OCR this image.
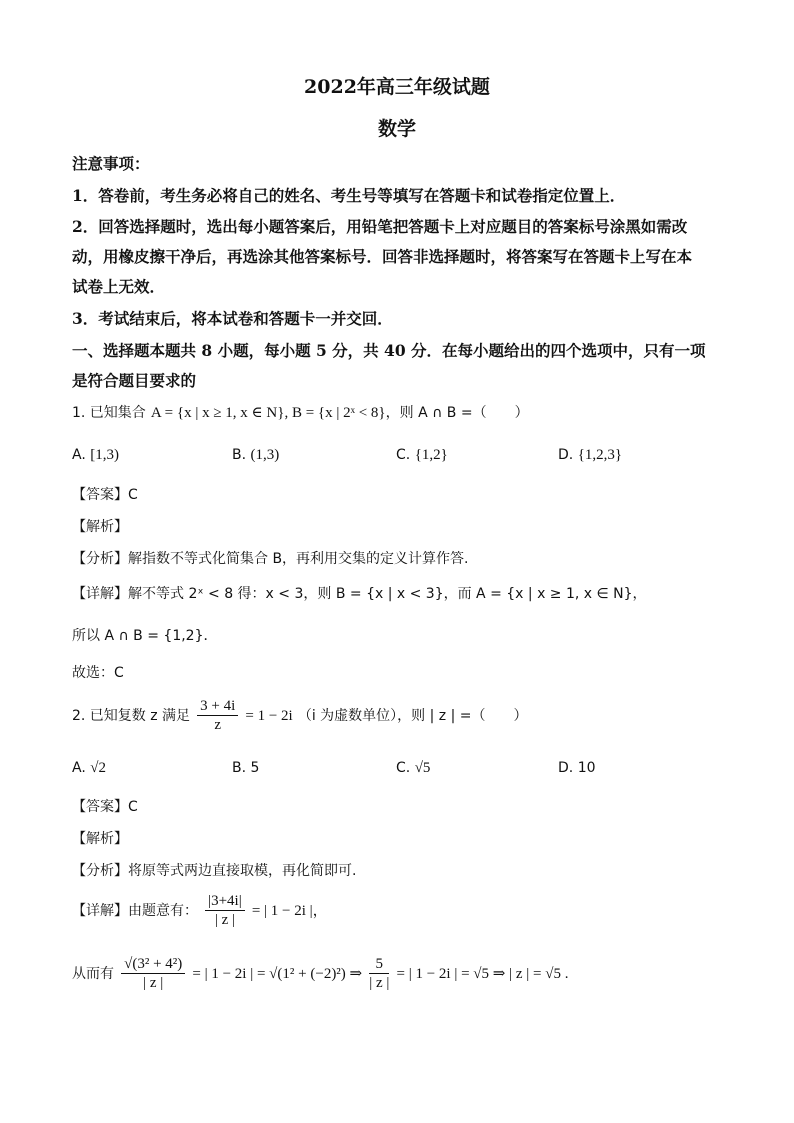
2022年高三年级试题
数学
注意事项：
1．答卷前，考生务必将自己的姓名、考生号等填写在答题卡和试卷指定位置上．
2．回答选择题时，选出每小题答案后，用铅笔把答题卡上对应题目的答案标号涂黑如需改
动，用橡皮擦干净后，再选涂其他答案标号．回答非选择题时，将答案写在答题卡上写在本
试卷上无效．
3．考试结束后，将本试卷和答题卡一并交回．
一、选择题本题共 8 小题，每小题 5 分，共 40 分．在每小题给出的四个选项中，只有一项
是符合题目要求的
1. 已知集合 A = {x | x ≥ 1, x ∈ N}, B = {x | 2ˣ < 8}，则 A ∩ B =（　　）
A. [1,3)	B. (1,3)	C. {1,2}	D. {1,2,3}
【答案】C
【解析】
【分析】解指数不等式化简集合 B，再利用交集的定义计算作答.
【详解】解不等式 2ˣ < 8 得：x < 3，则 B = {x | x < 3}，而 A = {x | x ≥ 1, x ∈ N}，
所以 A ∩ B = {1,2}．
故选：C
2. 已知复数 z 满足 $\frac{3 + 4i}{z} = 1 - 2i$ （i 为虚数单位），则 | z | =（　　）
A. √2	B. 5	C. √5	D. 10
【答案】C
【解析】
【分析】将原等式两边直接取模，再化简即可.
【详解】由题意有： $\frac{|3+4i|}{| z |}$ = | 1 − 2i |，
从而有 $\frac{\text{√(3² + 4²)}}{| z |}$ = | 1 − 2i | = √(1² + (−2)²) ⇒ $\frac{5}{| z |}$ = | 1 − 2i | = √5 ⇒ | z | = √5 .
